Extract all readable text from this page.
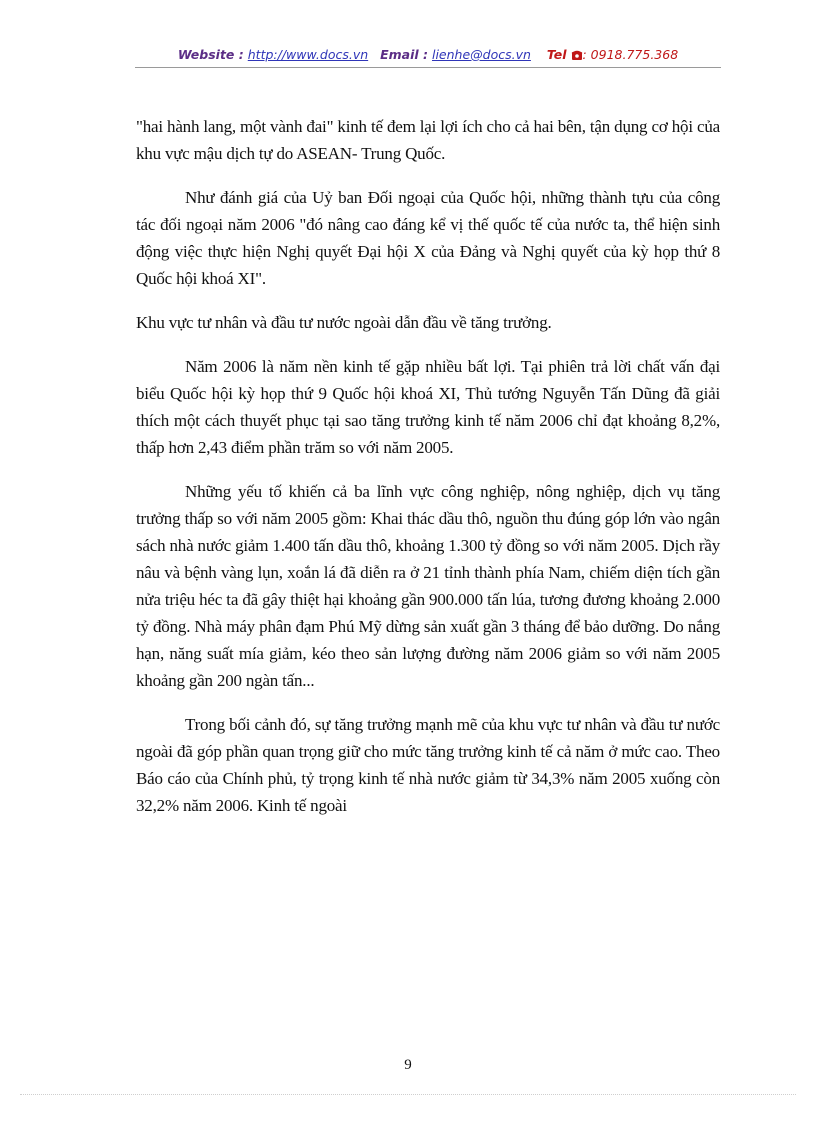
Website : http://www.docs.vn Email : lienhe@docs.vn Tel : 0918.775.368

"hai hành lang, một vành đai" kinh tế đem lại lợi ích cho cả hai bên, tận dụng cơ hội của khu vực mậu dịch tự do ASEAN- Trung Quốc.

Như đánh giá của Uỷ ban Đối ngoại của Quốc hội, những thành tựu của công tác đối ngoại năm 2006 "đó nâng cao đáng kể vị thế quốc tế của nước ta, thể hiện sinh động việc thực hiện Nghị quyết Đại hội X của Đảng và Nghị quyết của kỳ họp thứ 8 Quốc hội khoá XI".

Khu vực tư nhân và đầu tư nước ngoài dẫn đầu về tăng trưởng.

Năm 2006 là năm nền kinh tế gặp nhiều bất lợi. Tại phiên trả lời chất vấn đại biểu Quốc hội kỳ họp thứ 9 Quốc hội khoá XI, Thủ tướng Nguyễn Tấn Dũng đã giải thích một cách thuyết phục tại sao tăng trưởng kinh tế năm 2006 chỉ đạt khoảng 8,2%, thấp hơn 2,43 điểm phần trăm so với năm 2005.

Những yếu tố khiến cả ba lĩnh vực công nghiệp, nông nghiệp, dịch vụ tăng trưởng thấp so với năm 2005 gồm: Khai thác dầu thô, nguồn thu đúng góp lớn vào ngân sách nhà nước giảm 1.400 tấn dầu thô, khoảng 1.300 tỷ đồng so với năm 2005. Dịch rầy nâu và bệnh vàng lụn, xoắn lá đã diễn ra ở 21 tỉnh thành phía Nam, chiếm diện tích gần nửa triệu héc ta đã gây thiệt hại khoảng gần 900.000 tấn lúa, tương đương khoảng 2.000 tỷ đồng. Nhà máy phân đạm Phú Mỹ dừng sản xuất gần 3 tháng để bảo dưỡng. Do nắng hạn, năng suất mía giảm, kéo theo sản lượng đường năm 2006 giảm so với năm 2005 khoảng gần 200 ngàn tấn...

Trong bối cảnh đó, sự tăng trưởng mạnh mẽ của khu vực tư nhân và đầu tư nước ngoài đã góp phần quan trọng giữ cho mức tăng trưởng kinh tế cả năm ở mức cao. Theo Báo cáo của Chính phủ, tỷ trọng kinh tế nhà nước giảm từ 34,3% năm 2005 xuống còn 32,2% năm 2006. Kinh tế ngoài

9
